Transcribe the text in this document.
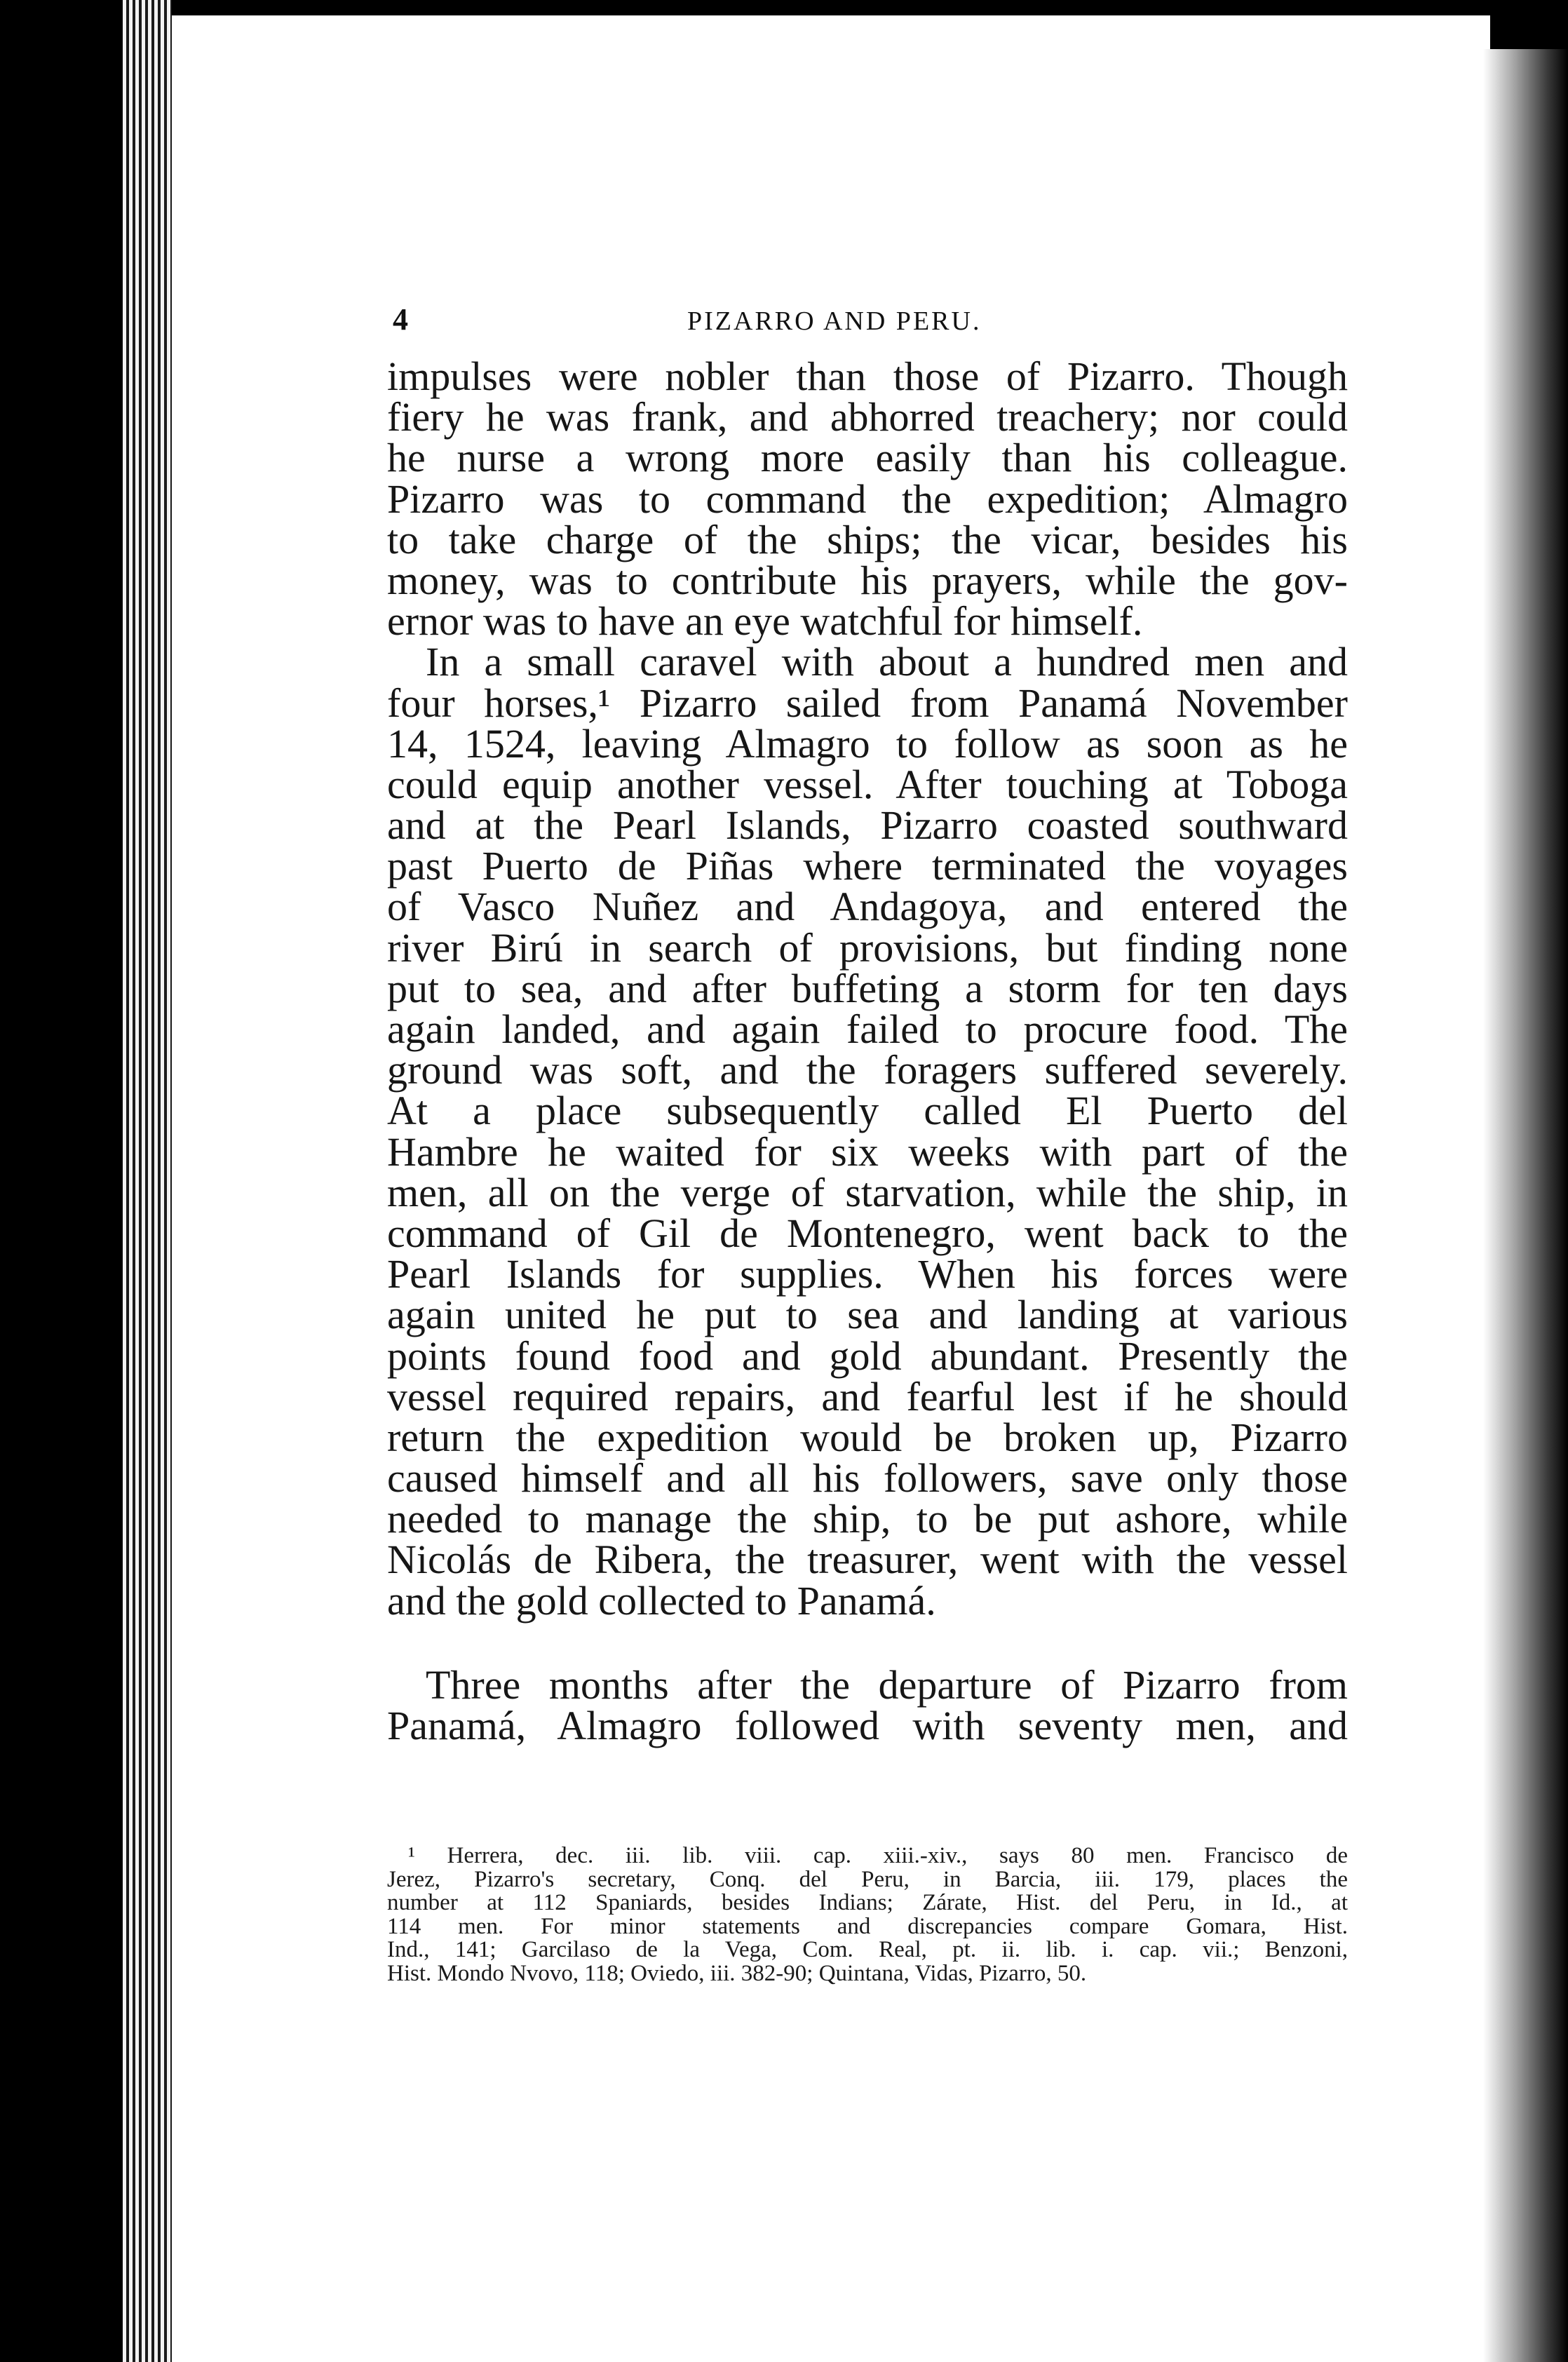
4	PIZARRO AND PERU.
impulses were nobler than those of Pizarro. Though
fiery he was frank, and abhorred treachery; nor could
he nurse a wrong more easily than his colleague.
Pizarro was to command the expedition; Almagro
to take charge of the ships; the vicar, besides his
money, was to contribute his prayers, while the gov-
ernor was to have an eye watchful for himself.
In a small caravel with about a hundred men and
four horses,¹ Pizarro sailed from Panamá November
14, 1524, leaving Almagro to follow as soon as he
could equip another vessel. After touching at Toboga
and at the Pearl Islands, Pizarro coasted southward
past Puerto de Piñas where terminated the voyages
of Vasco Nuñez and Andagoya, and entered the
river Birú in search of provisions, but finding none
put to sea, and after buffeting a storm for ten days
again landed, and again failed to procure food. The
ground was soft, and the foragers suffered severely.
At a place subsequently called El Puerto del
Hambre he waited for six weeks with part of the
men, all on the verge of starvation, while the ship, in
command of Gil de Montenegro, went back to the
Pearl Islands for supplies. When his forces were
again united he put to sea and landing at various
points found food and gold abundant. Presently the
vessel required repairs, and fearful lest if he should
return the expedition would be broken up, Pizarro
caused himself and all his followers, save only those
needed to manage the ship, to be put ashore, while
Nicolás de Ribera, the treasurer, went with the vessel
and the gold collected to Panamá.
Three months after the departure of Pizarro from
Panamá, Almagro followed with seventy men, and
¹ Herrera, dec. iii. lib. viii. cap. xiii.-xiv., says 80 men. Francisco de
Jerez, Pizarro's secretary, Conq. del Peru, in Barcia, iii. 179, places the
number at 112 Spaniards, besides Indians; Zárate, Hist. del Peru, in Id., at
114 men. For minor statements and discrepancies compare Gomara, Hist.
Ind., 141; Garcilaso de la Vega, Com. Real, pt. ii. lib. i. cap. vii.; Benzoni,
Hist. Mondo Nvovo, 118; Oviedo, iii. 382-90; Quintana, Vidas, Pizarro, 50.
